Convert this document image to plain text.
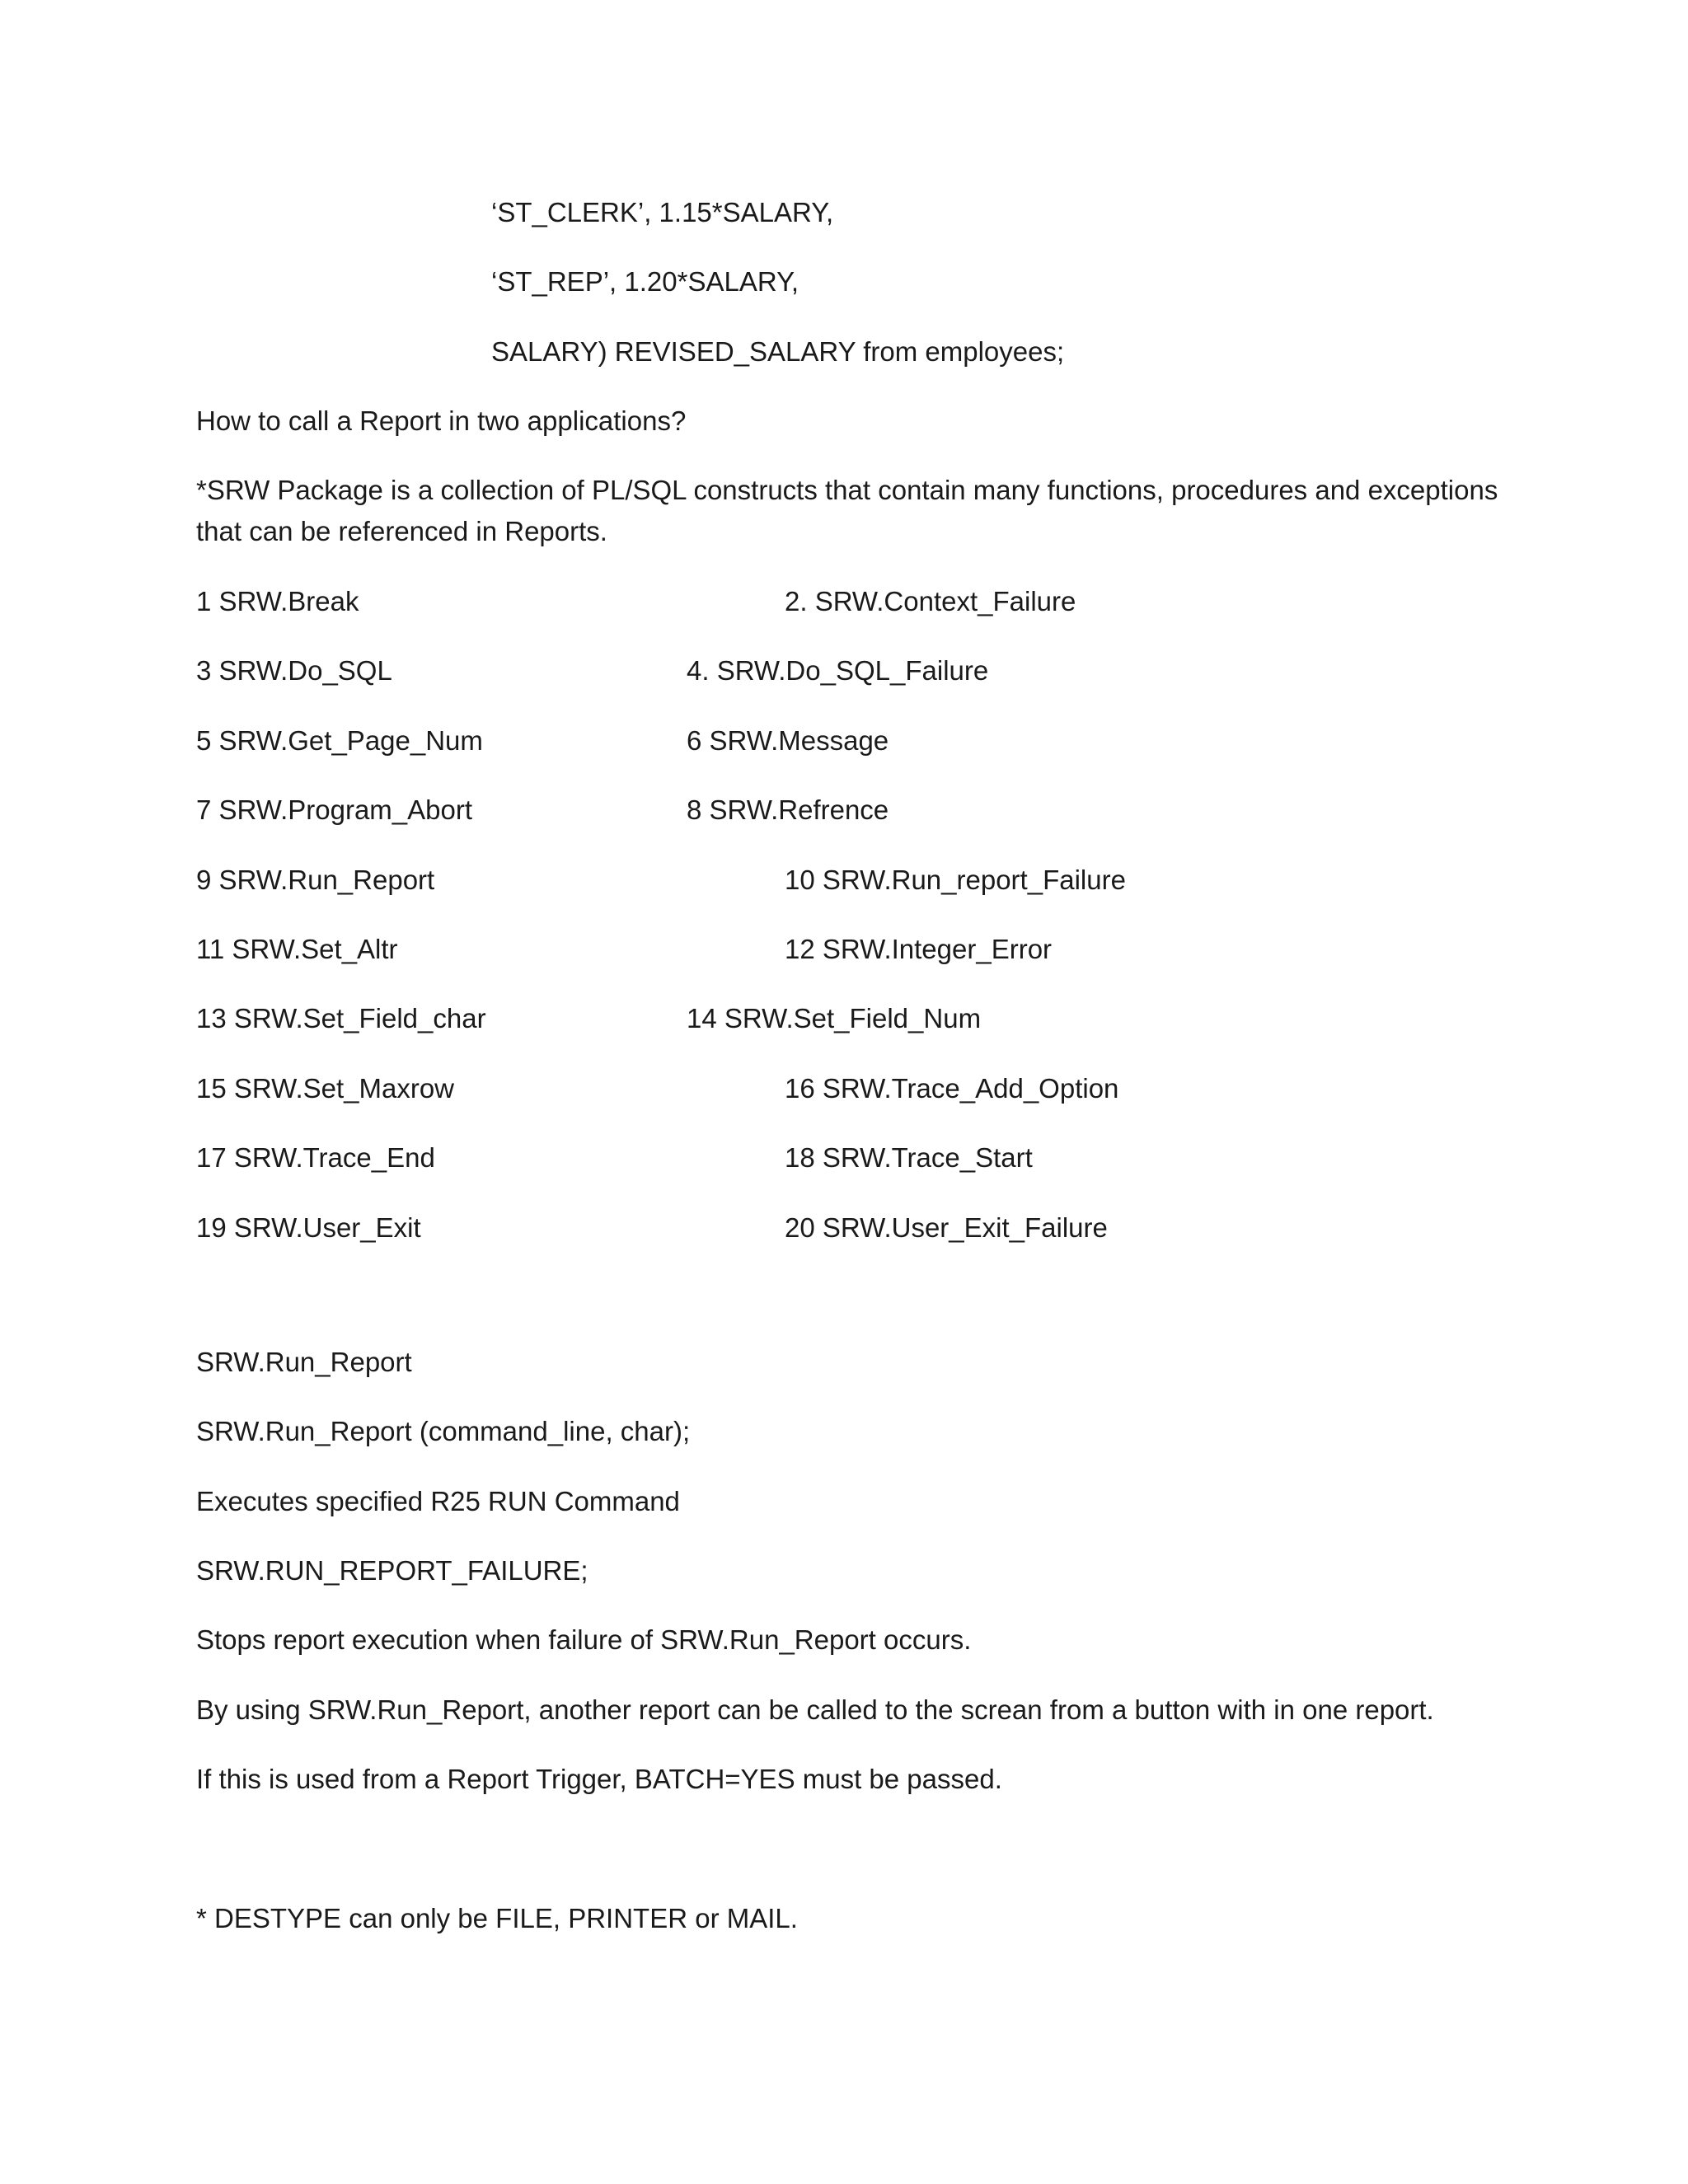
‘ST_CLERK’, 1.15*SALARY,
‘ST_REP’, 1.20*SALARY,
SALARY) REVISED_SALARY from employees;
How to call a Report in two applications?
*SRW Package is a collection of PL/SQL constructs that contain many functions, procedures and exceptions that can be referenced in Reports.
1 SRW.Break	2. SRW.Context_Failure
3 SRW.Do_SQL	4. SRW.Do_SQL_Failure
5 SRW.Get_Page_Num	6 SRW.Message
7 SRW.Program_Abort	8 SRW.Refrence
9 SRW.Run_Report	10 SRW.Run_report_Failure
11 SRW.Set_Altr	12 SRW.Integer_Error
13 SRW.Set_Field_char	14 SRW.Set_Field_Num
15 SRW.Set_Maxrow	16 SRW.Trace_Add_Option
17 SRW.Trace_End	18 SRW.Trace_Start
19 SRW.User_Exit	20 SRW.User_Exit_Failure
SRW.Run_Report
SRW.Run_Report (command_line, char);
Executes specified R25 RUN Command
SRW.RUN_REPORT_FAILURE;
Stops report execution when failure of SRW.Run_Report occurs.
By using SRW.Run_Report, another report can be called to the screan from a button with in one report.
If this is used from a Report Trigger, BATCH=YES must be passed.
* DESTYPE can only be FILE, PRINTER or MAIL.
